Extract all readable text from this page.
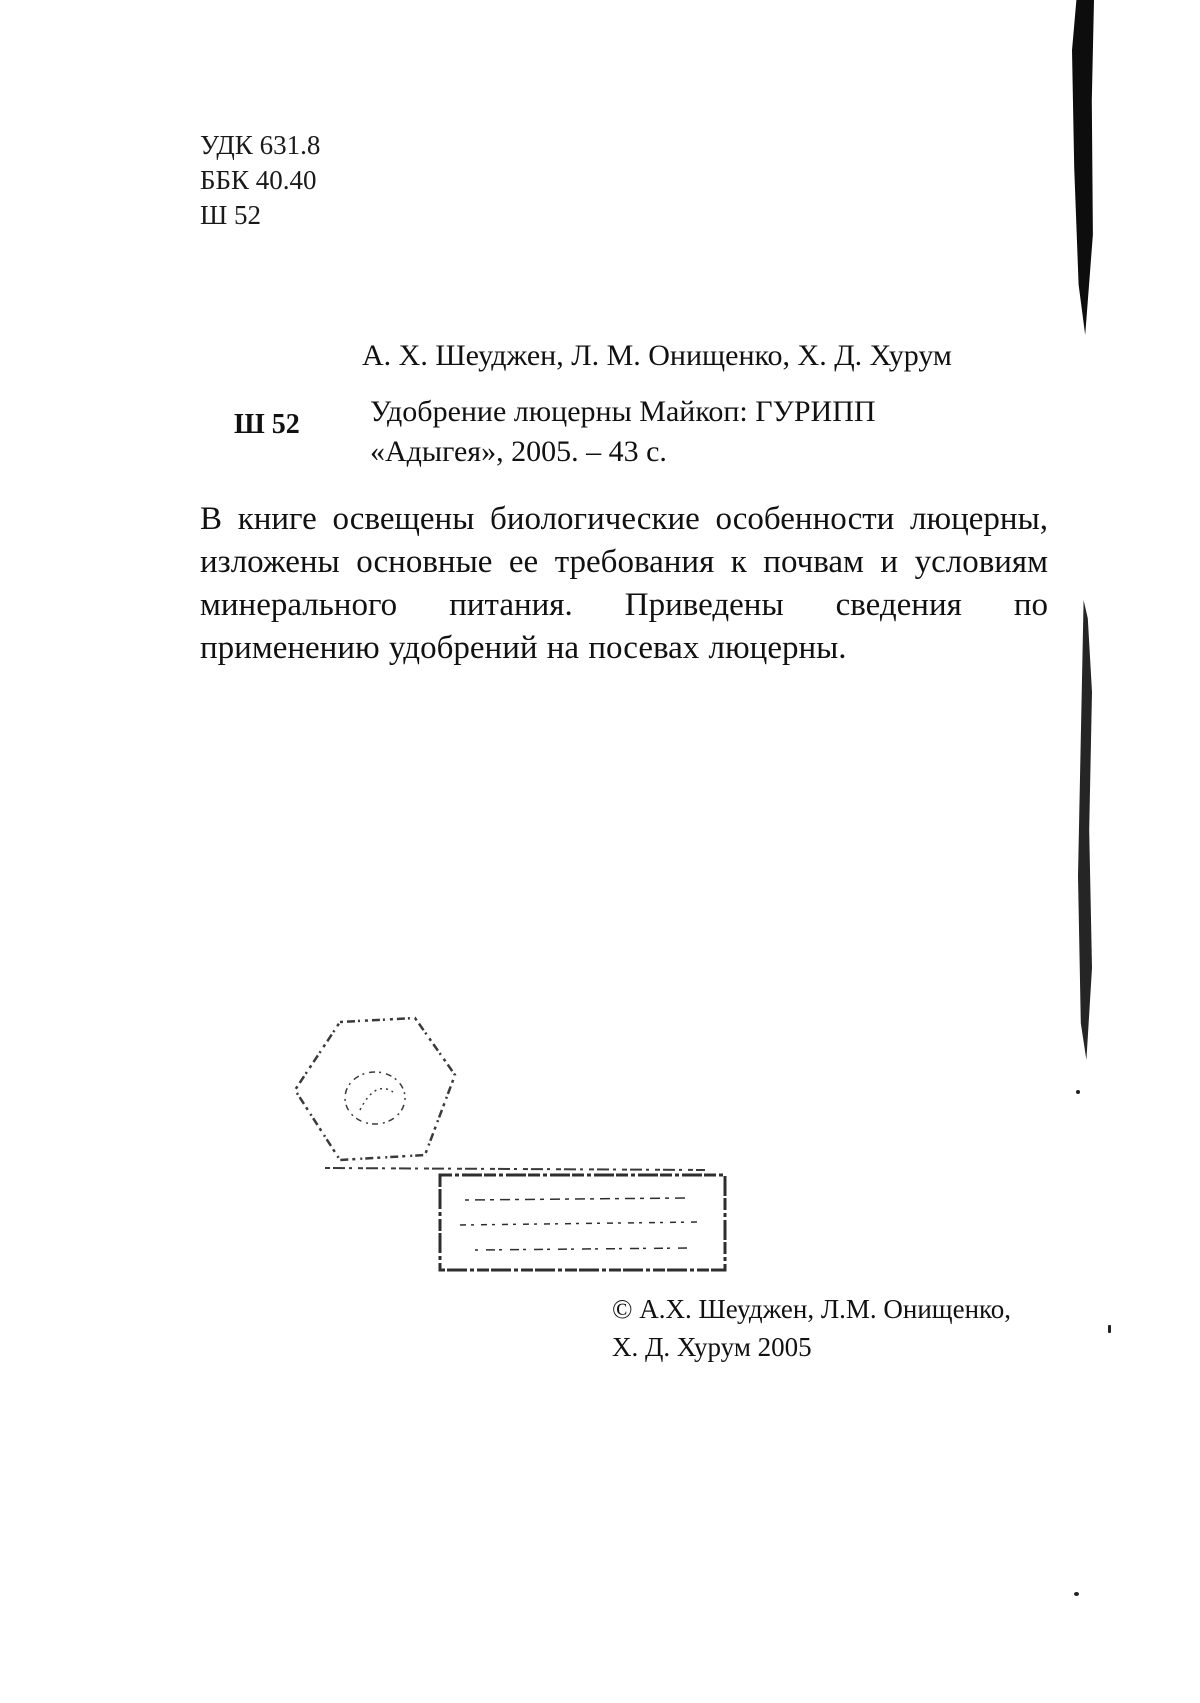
УДК 631.8
ББК 40.40
Ш 52
А. Х. Шеуджен, Л. М. Онищенко, Х. Д. Хурум
Ш 52 Удобрение люцерны Майкоп: ГУРИПП
«Адыгея», 2005. – 43 с.
В книге освещены биологические особенности люцерны, изложены основные ее требования к почвам и условиям минерального питания. Приведены сведения по применению удобрений на посевах люцерны.
© А.Х. Шеуджен, Л.М. Онищенко,
Х. Д. Хурум 2005
